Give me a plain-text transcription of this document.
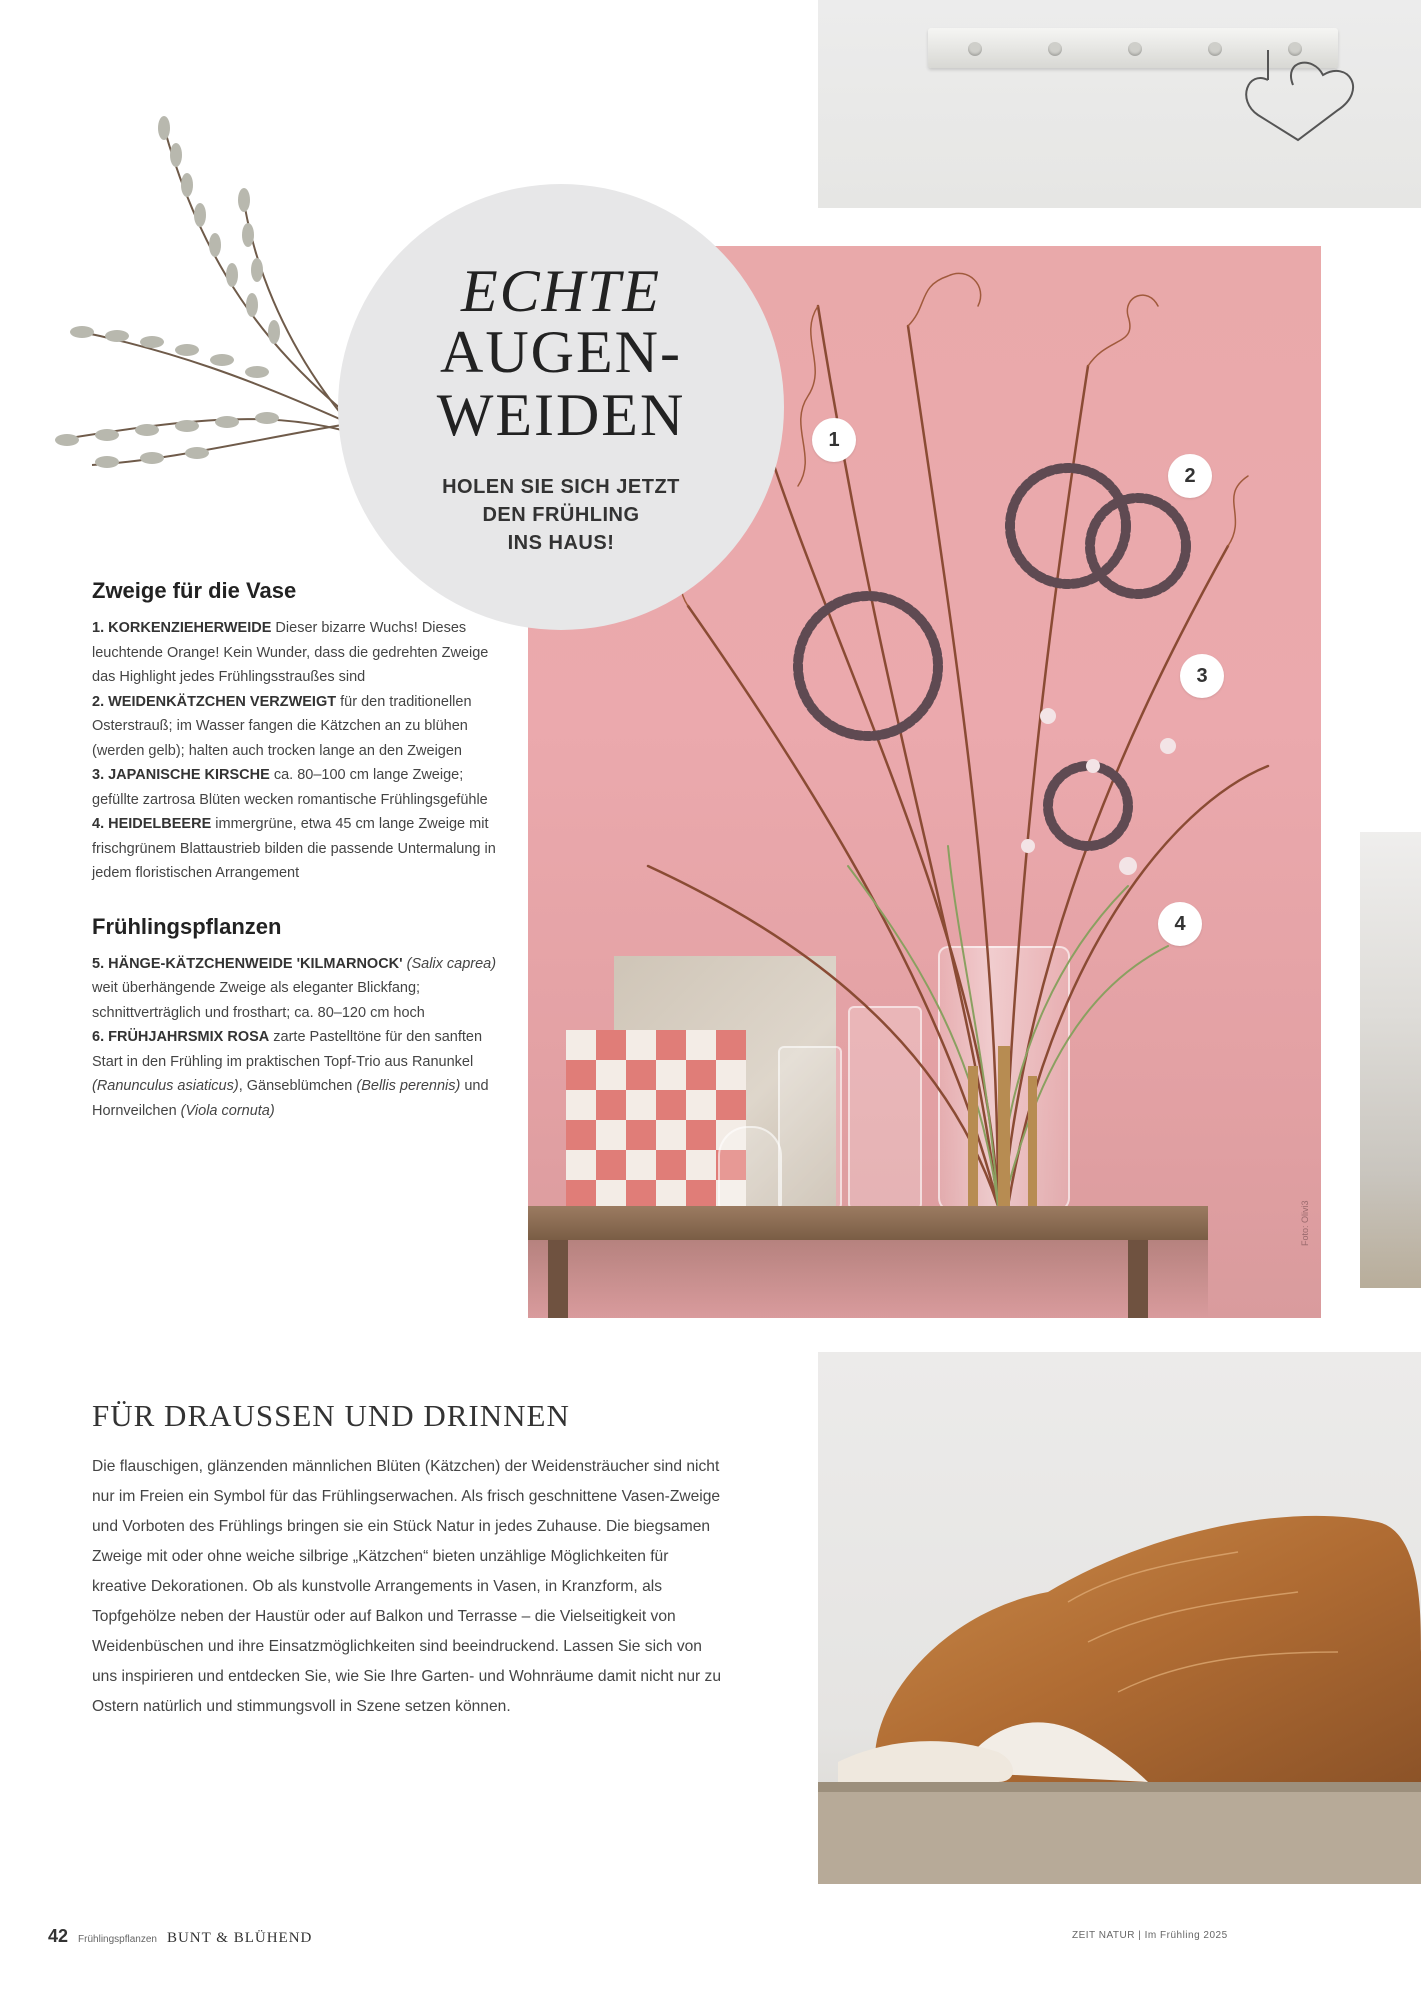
1
2
3
4
Foto: Olivi3
ECHTE
AUGEN-
WEIDEN
HOLEN SIE SICH JETZT
DEN FRÜHLING
INS HAUS!
Zweige für die Vase

1. KORKENZIEHERWEIDE Dieser bizarre Wuchs! Dieses leuchtende Orange! Kein Wunder, dass die gedrehten Zweige das Highlight jedes Frühlingsstraußes sind

2. WEIDENKÄTZCHEN VERZWEIGT für den traditionellen Osterstrauß; im Wasser fangen die Kätzchen an zu blühen (werden gelb); halten auch trocken lange an den Zweigen

3. JAPANISCHE KIRSCHE ca. 80–100 cm lange Zweige; gefüllte zartrosa Blüten wecken romantische Frühlingsgefühle

4. HEIDELBEERE immergrüne, etwa 45 cm lange Zweige mit frischgrünem Blattaustrieb bilden die passende Untermalung in jedem floristischen Arrangement

Frühlingspflanzen

5. HÄNGE-KÄTZCHENWEIDE 'KILMARNOCK' (Salix caprea) weit überhängende Zweige als eleganter Blickfang; schnittverträglich und frosthart; ca. 80–120 cm hoch

6. FRÜHJAHRSMIX ROSA zarte Pastelltöne für den sanften Start in den Frühling im praktischen Topf-Trio aus Ranunkel (Ranunculus asiaticus), Gänseblümchen (Bellis perennis) und Hornveilchen (Viola cornuta)

FÜR DRAUSSEN UND DRINNEN

Die flauschigen, glänzenden männlichen Blüten (Kätzchen) der Weidensträucher sind nicht nur im Freien ein Symbol für das Frühlingserwachen. Als frisch geschnittene Vasen-Zweige und Vorboten des Frühlings bringen sie ein Stück Natur in jedes Zuhause. Die biegsamen Zweige mit oder ohne weiche silbrige „Kätzchen“ bieten unzählige Möglichkeiten für kreative Dekorationen. Ob als kunstvolle Arrangements in Vasen, in Kranzform, als Topfgehölze neben der Haustür oder auf Balkon und Terrasse – die Vielseitigkeit von Weidenbüschen und ihre Einsatzmöglichkeiten sind beeindruckend. Lassen Sie sich von uns inspirieren und entdecken Sie, wie Sie Ihre Garten- und Wohnräume damit nicht nur zu Ostern natürlich und stimmungsvoll in Szene setzen können.

42 Frühlingspflanzen BUNT & BLÜHEND	ZEIT NATUR | Im Frühling 2025
